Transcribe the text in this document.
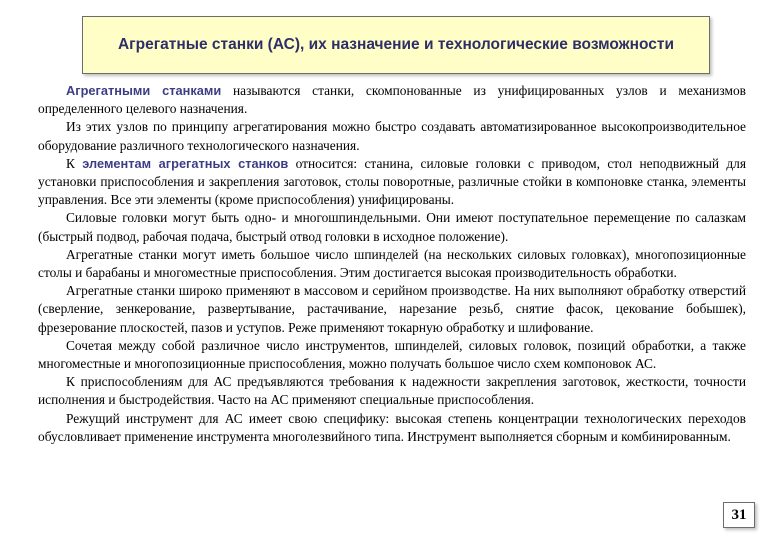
Агрегатные станки (АС), их назначение и технологические возможности

Агрегатными станками называются станки, скомпонованные из унифицированных узлов и механизмов определенного целевого назначения.

Из этих узлов по принципу агрегатирования можно быстро создавать автоматизированное высокопроизводительное оборудование различного технологического назначения.

К элементам агрегатных станков относится: станина, силовые головки с приводом, стол неподвижный для установки приспособления и закрепления заготовок, столы поворотные, различные стойки в компоновке станка, элементы управления. Все эти элементы (кроме приспособления) унифицированы.

Силовые головки могут быть одно- и многошпиндельными. Они имеют поступательное перемещение по салазкам (быстрый подвод, рабочая подача, быстрый отвод головки в исходное положение).

Агрегатные станки могут иметь большое число шпинделей (на нескольких силовых головках), многопозиционные столы и барабаны и многоместные приспособления. Этим достигается высокая производительность обработки.

Агрегатные станки широко применяют в массовом и серийном производстве. На них выполняют обработку отверстий (сверление, зенкерование, развертывание, растачивание, нарезание резьб, снятие фасок, цекование бобышек), фрезерование плоскостей, пазов и уступов. Реже применяют токарную обработку и шлифование.

Сочетая между собой различное число инструментов, шпинделей, силовых головок, позиций обработки, а также многоместные и многопозиционные приспособления, можно получать большое число схем компоновок АС.

К приспособлениям для АС предъявляются требования к надежности закрепления заготовок, жесткости, точности исполнения и быстродействия. Часто на АС применяют специальные приспособления.

Режущий инструмент для АС имеет свою специфику: высокая степень концентрации технологических переходов обусловливает применение инструмента многолезвийного типа. Инструмент выполняется сборным и комбинированным.

31
